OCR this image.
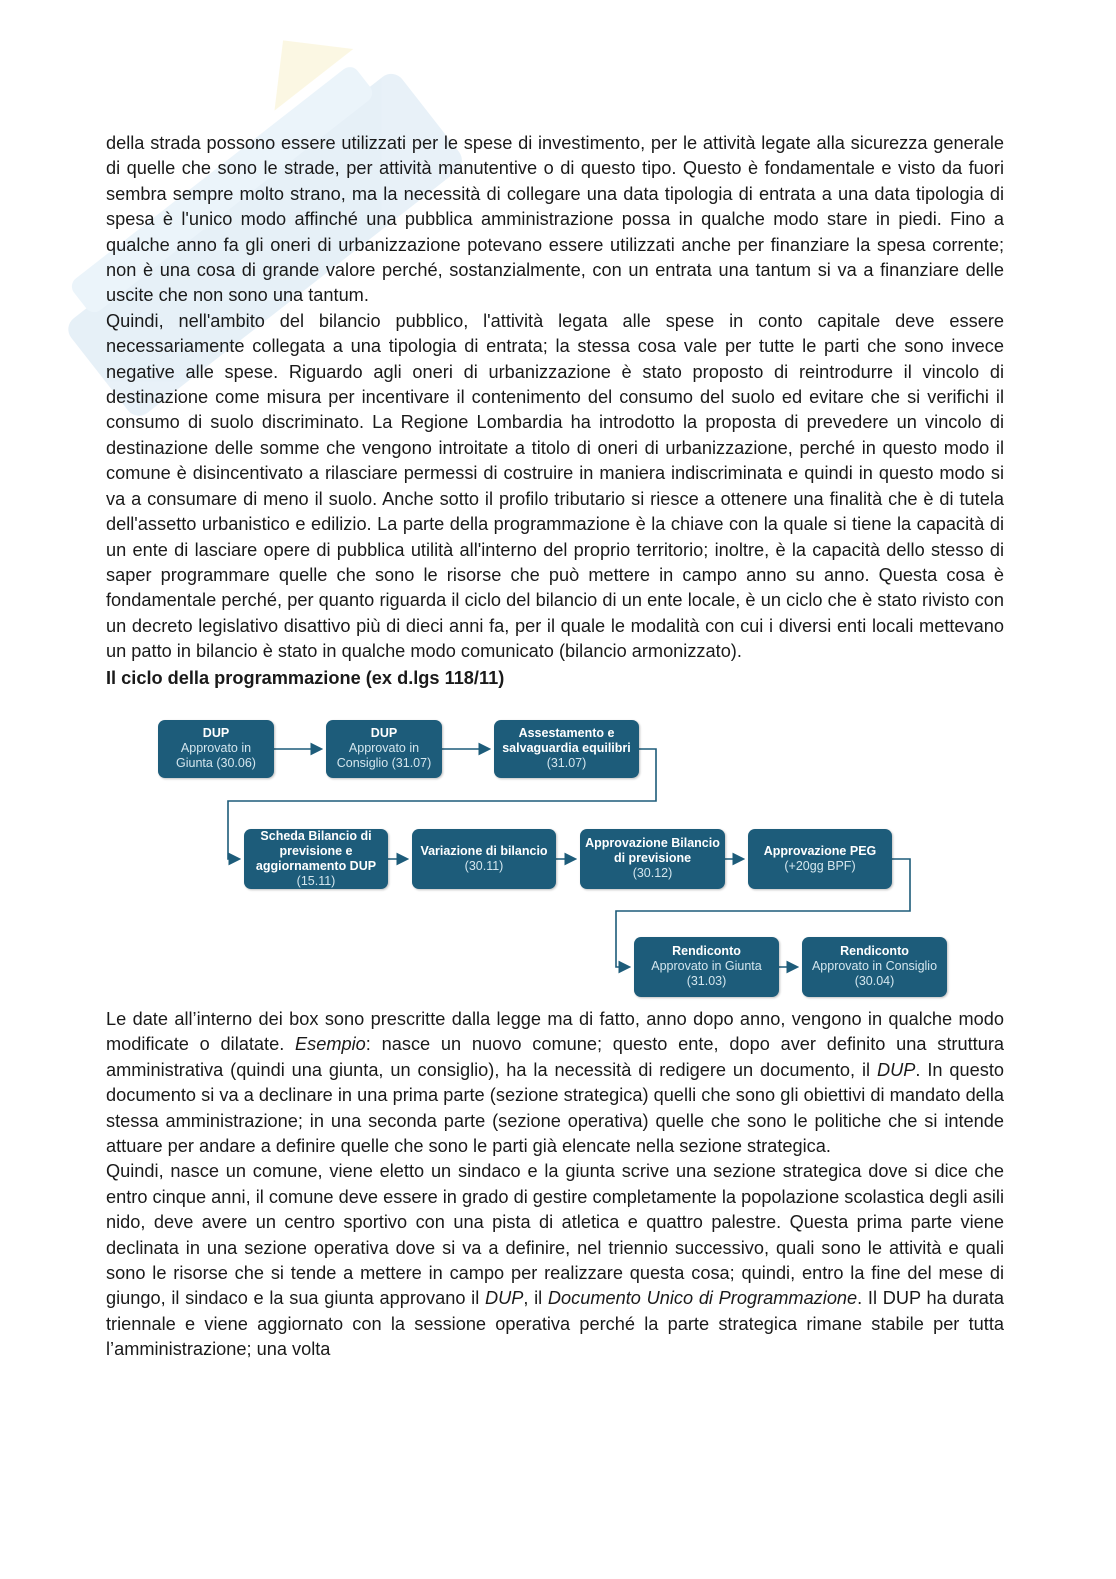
della strada possono essere utilizzati per le spese di investimento, per le attività legate alla sicurezza generale di quelle che sono le strade, per attività manutentive o di questo tipo. Questo è fondamentale e visto da fuori sembra sempre molto strano, ma la necessità di collegare una data tipologia di entrata a una data tipologia di spesa è l'unico modo affinché una pubblica amministrazione possa in qualche modo stare in piedi. Fino a qualche anno fa gli oneri di urbanizzazione potevano essere utilizzati anche per finanziare la spesa corrente; non è una cosa di grande valore perché, sostanzialmente, con un entrata una tantum si va a finanziare delle uscite che non sono una tantum.

Quindi, nell'ambito del bilancio pubblico, l'attività legata alle spese in conto capitale deve essere necessariamente collegata a una tipologia di entrata; la stessa cosa vale per tutte le parti che sono invece negative alle spese. Riguardo agli oneri di urbanizzazione è stato proposto di reintrodurre il vincolo di destinazione come misura per incentivare il contenimento del consumo del suolo ed evitare che si verifichi il consumo di suolo discriminato. La Regione Lombardia ha introdotto la proposta di prevedere un vincolo di destinazione delle somme che vengono introitate a titolo di oneri di urbanizzazione, perché in questo modo il comune è disincentivato a rilasciare permessi di costruire in maniera indiscriminata e quindi in questo modo si va a consumare di meno il suolo. Anche sotto il profilo tributario si riesce a ottenere una finalità che è di tutela dell'assetto urbanistico e edilizio. La parte della programmazione è la chiave con la quale si tiene la capacità di un ente di lasciare opere di pubblica utilità all'interno del proprio territorio; inoltre, è la capacità dello stesso di saper programmare quelle che sono le risorse che può mettere in campo anno su anno. Questa cosa è fondamentale perché, per quanto riguarda il ciclo del bilancio di un ente locale, è un ciclo che è stato rivisto con un decreto legislativo disattivo più di dieci anni fa, per il quale le modalità con cui i diversi enti locali mettevano un patto in bilancio è stato in qualche modo comunicato (bilancio armonizzato).

Il ciclo della programmazione (ex d.lgs 118/11)

DUP
Approvato in Giunta (30.06)
DUP
Approvato in Consiglio (31.07)
Assestamento e salvaguardia equilibri
(31.07)
Scheda Bilancio di previsione e aggiornamento DUP
(15.11)
Variazione di bilancio
(30.11)
Approvazione Bilancio di previsione
(30.12)
Approvazione PEG
(+20gg BPF)
Rendiconto
Approvato in Giunta (31.03)
Rendiconto
Approvato in Consiglio (30.04)

Le date all’interno dei box sono prescritte dalla legge ma di fatto, anno dopo anno, vengono in qualche modo modificate o dilatate. Esempio: nasce un nuovo comune; questo ente, dopo aver definito una struttura amministrativa (quindi una giunta, un consiglio), ha la necessità di redigere un documento, il DUP. In questo documento si va a declinare in una prima parte (sezione strategica) quelli che sono gli obiettivi di mandato della stessa amministrazione; in una seconda parte (sezione operativa) quelle che sono le politiche che si intende attuare per andare a definire quelle che sono le parti già elencate nella sezione strategica.

Quindi, nasce un comune, viene eletto un sindaco e la giunta scrive una sezione strategica dove si dice che entro cinque anni, il comune deve essere in grado di gestire completamente la popolazione scolastica degli asili nido, deve avere un centro sportivo con una pista di atletica e quattro palestre. Questa prima parte viene declinata in una sezione operativa dove si va a definire, nel triennio successivo, quali sono le attività e quali sono le risorse che si tende a mettere in campo per realizzare questa cosa; quindi, entro la fine del mese di giungo, il sindaco e la sua giunta approvano il DUP, il Documento Unico di Programmazione. Il DUP ha durata triennale e viene aggiornato con la sessione operativa perché la parte strategica rimane stabile per tutta l’amministrazione; una volta
